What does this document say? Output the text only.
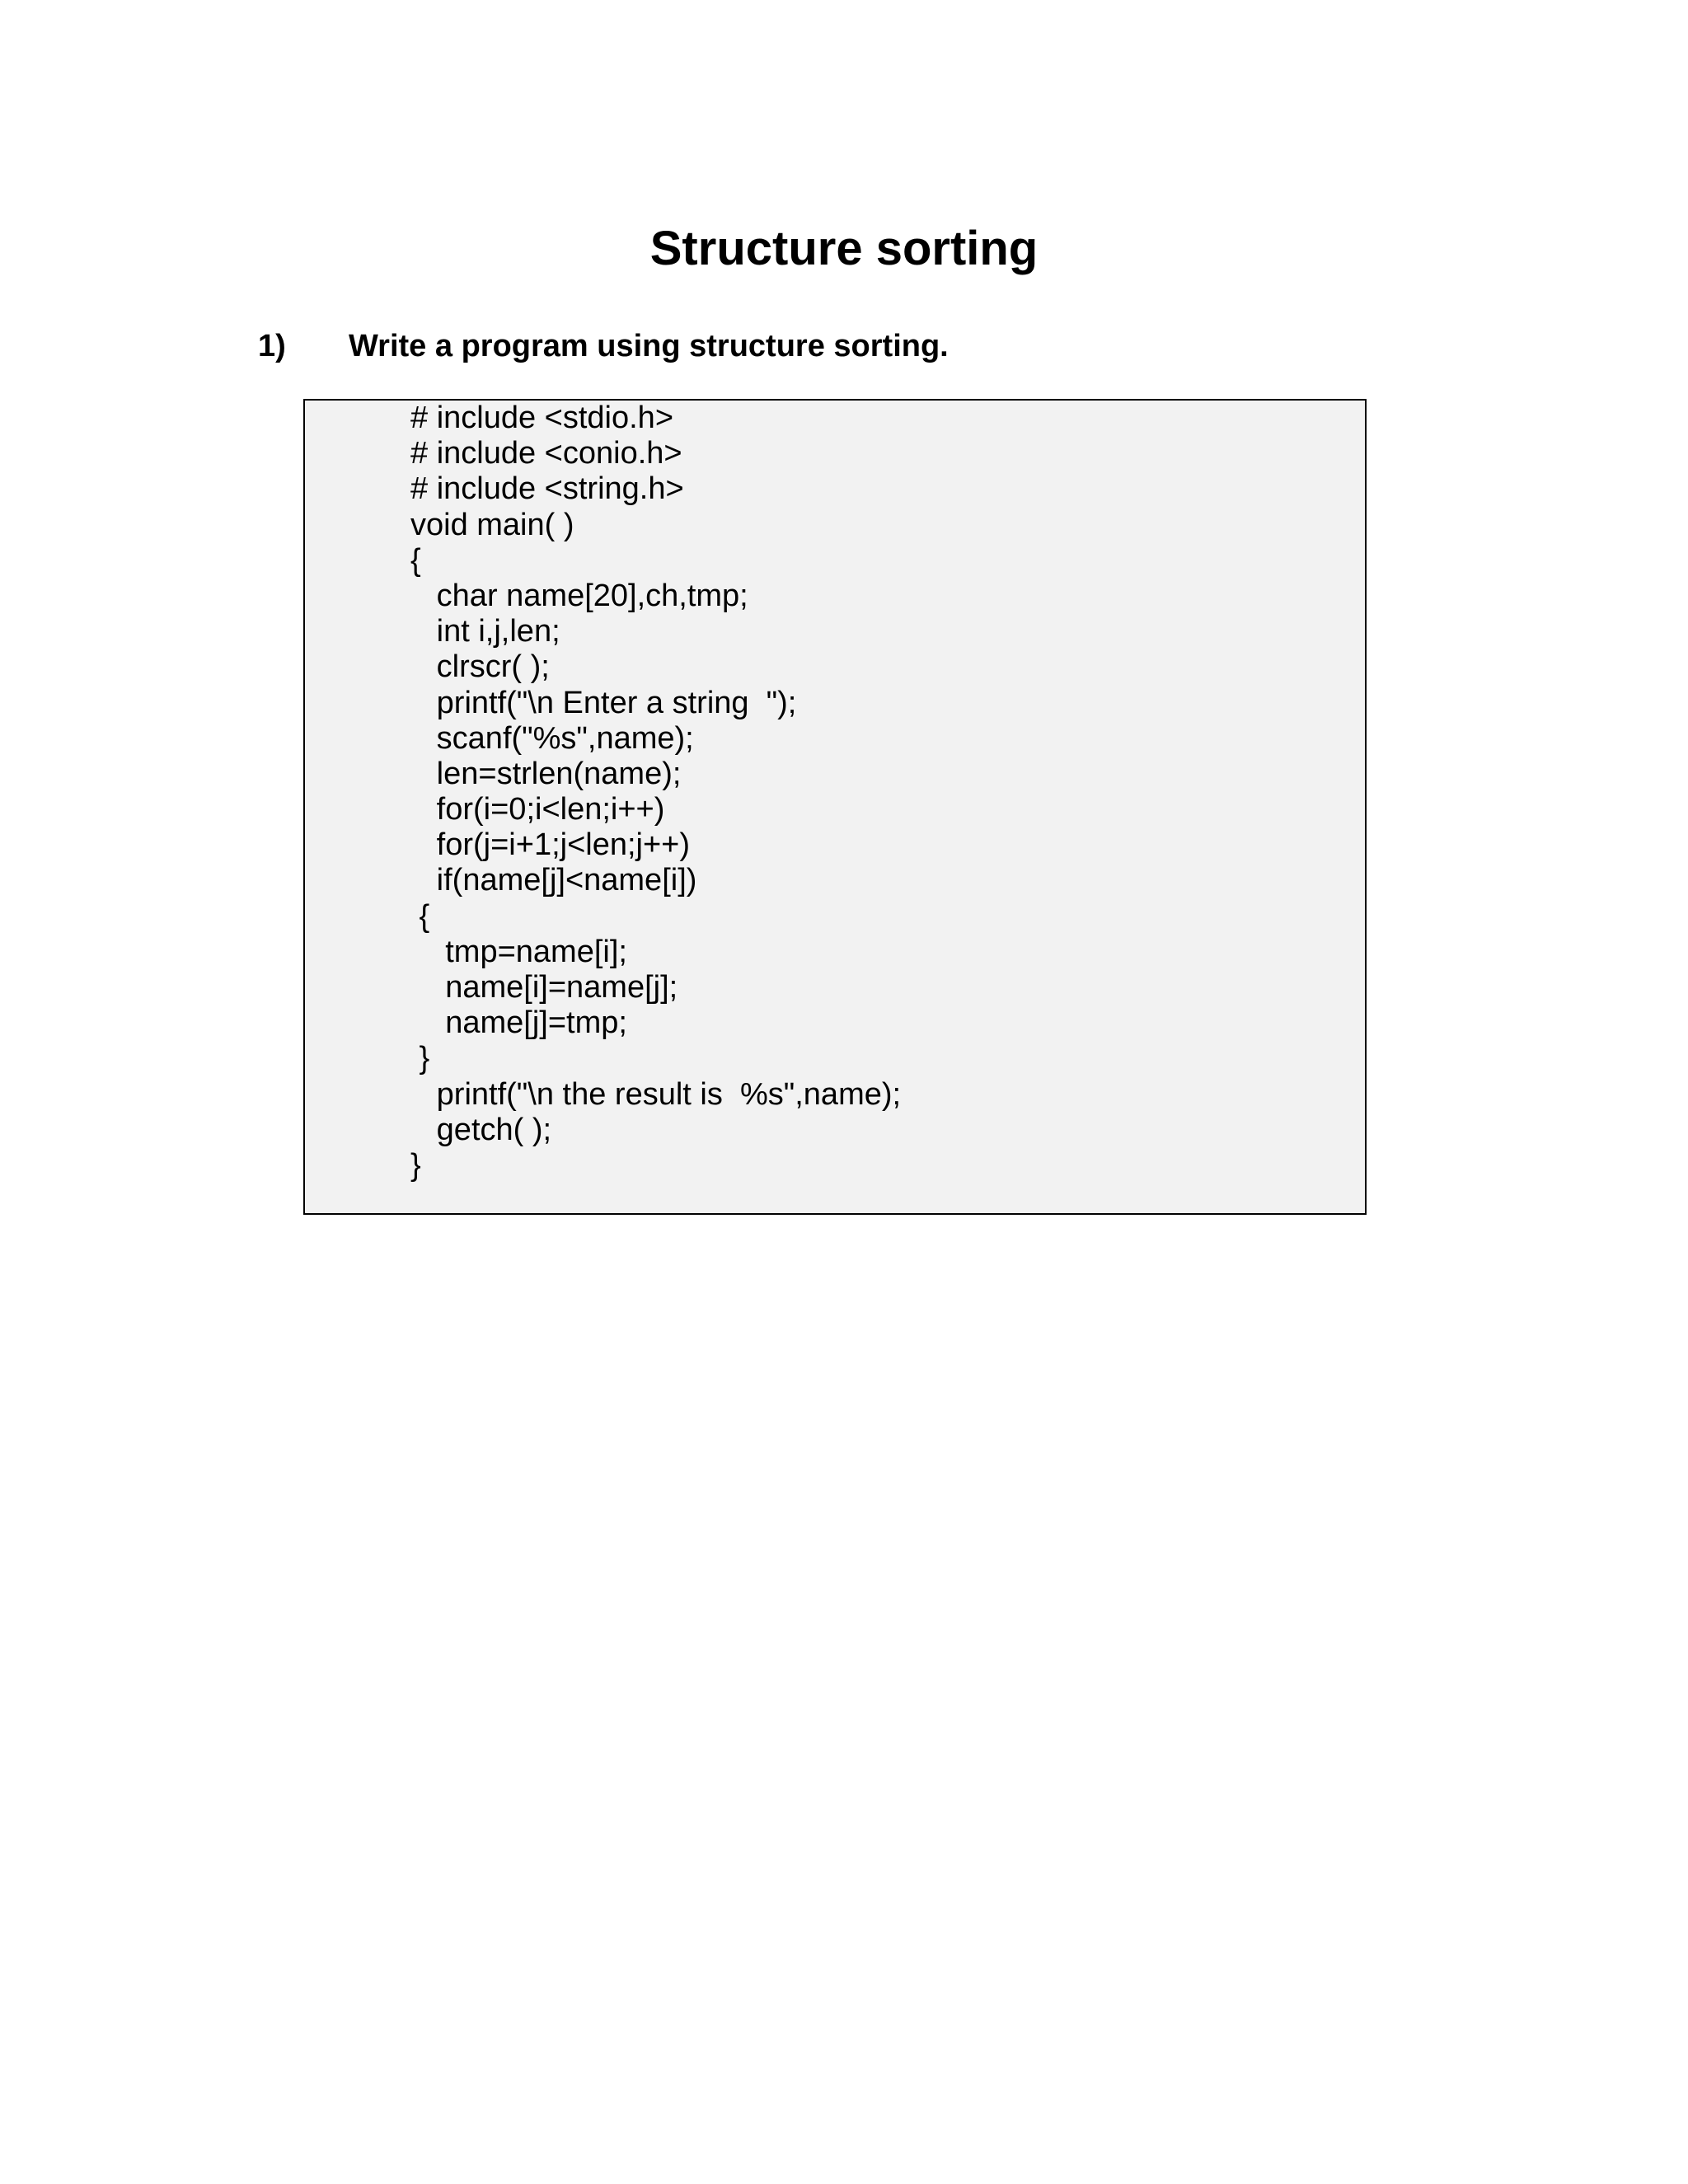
Structure sorting
1) Write a program using structure sorting.
# include <stdio.h>
# include <conio.h>
# include <string.h>
void main( )
{
char name[20],ch,tmp;
int i,j,len;
clrscr( );
printf("\n Enter a string  ");
scanf("%s",name);
len=strlen(name);
for(i=0;i<len;i++)
for(j=i+1;j<len;j++)
if(name[j]<name[i])
{
tmp=name[i];
name[i]=name[j];
name[j]=tmp;
}
printf("\n the result is  %s",name);
getch( );
}
